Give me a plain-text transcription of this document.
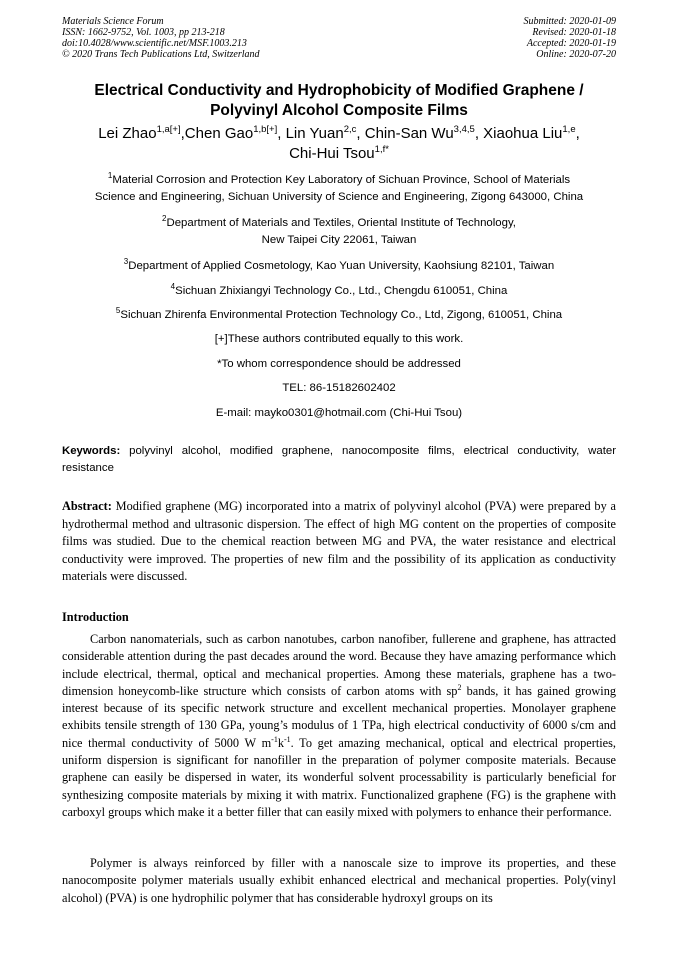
Materials Science Forum
ISSN: 1662-9752, Vol. 1003, pp 213-218
doi:10.4028/www.scientific.net/MSF.1003.213
© 2020 Trans Tech Publications Ltd, Switzerland
Submitted: 2020-01-09
Revised: 2020-01-18
Accepted: 2020-01-19
Online: 2020-07-20
Electrical Conductivity and Hydrophobicity of Modified Graphene /
Polyvinyl Alcohol Composite Films
Lei Zhao$^{1,a[+]}$,Chen Gao$^{1,b[+]}$, Lin Yuan$^{2,c}$, Chin-San Wu$^{3,4,5}$, Xiaohua Liu$^{1,e}$,
Chi-Hui Tsou$^{1,f*}$
$^1$Material Corrosion and Protection Key Laboratory of Sichuan Province, School of Materials
Science and Engineering, Sichuan University of Science and Engineering, Zigong 643000, China
$^2$Department of Materials and Textiles, Oriental Institute of Technology,
New Taipei City 22061, Taiwan
$^3$Department of Applied Cosmetology, Kao Yuan University, Kaohsiung 82101, Taiwan
$^4$Sichuan Zhixiangyi Technology Co., Ltd., Chengdu 610051, China
$^5$Sichuan Zhirenfa Environmental Protection Technology Co., Ltd, Zigong, 610051, China
[+]These authors contributed equally to this work.
*To whom correspondence should be addressed
TEL: 86-15182602402
E-mail: mayko0301@hotmail.com (Chi-Hui Tsou)
Keywords: polyvinyl alcohol, modified graphene, nanocomposite films, electrical conductivity, water resistance
Abstract: Modified graphene (MG) incorporated into a matrix of polyvinyl alcohol (PVA) were prepared by a hydrothermal method and ultrasonic dispersion. The effect of high MG content on the properties of composite films was studied. Due to the chemical reaction between MG and PVA, the water resistance and electrical conductivity were improved. The properties of new film and the possibility of its application as conductivity materials were discussed.
Introduction
Carbon nanomaterials, such as carbon nanotubes, carbon nanofiber, fullerene and graphene, has attracted considerable attention during the past decades around the word. Because they have amazing performance which include electrical, thermal, optical and mechanical properties. Among these materials, graphene has a two-dimension honeycomb-like structure which consists of carbon atoms with $sp^2$ bands, it has gained growing interest because of its specific network structure and excellent mechanical properties. Monolayer graphene exhibits tensile strength of 130 GPa, young’s modulus of 1 TPa, high electrical conductivity of 6000 s/cm and nice thermal conductivity of 5000 W $m^{-1}k^{-1}$. To get amazing mechanical, optical and electrical properties, uniform dispersion is significant for nanofiller in the preparation of polymer composite materials. Because graphene can easily be dispersed in water, its wonderful solvent processability is particularly beneficial for synthesizing composite materials by mixing it with matrix. Functionalized graphene (FG) is the graphene with carboxyl groups which make it a better filler that can easily mixed with polymers to enhance their performance.
Polymer is always reinforced by filler with a nanoscale size to improve its properties, and these nanocomposite polymer materials usually exhibit enhanced electrical and mechanical properties. Poly(vinyl alcohol) (PVA) is one hydrophilic polymer that has considerable hydroxyl groups on its
